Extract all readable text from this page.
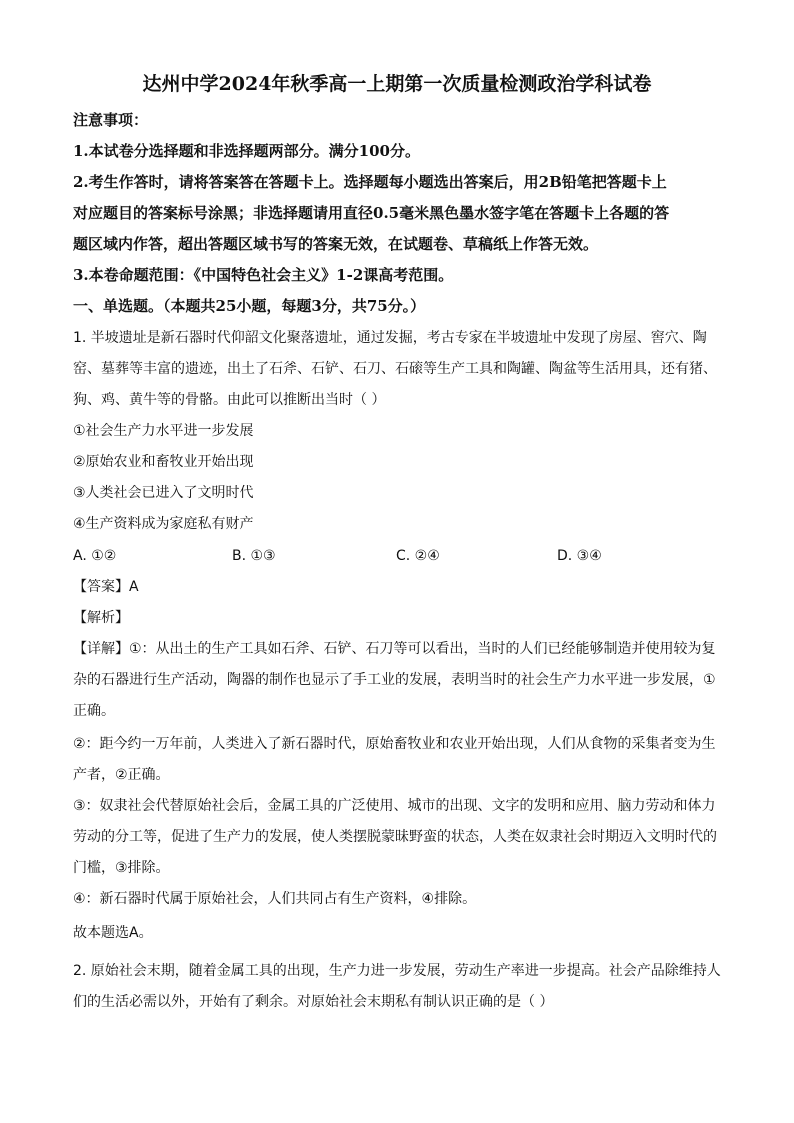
达州中学2024年秋季高一上期第一次质量检测政治学科试卷
注意事项：
1.本试卷分选择题和非选择题两部分。满分100分。
2.考生作答时，请将答案答在答题卡上。选择题每小题选出答案后，用2B铅笔把答题卡上
对应题目的答案标号涂黑；非选择题请用直径0.5毫米黑色墨水签字笔在答题卡上各题的答
题区域内作答，超出答题区域书写的答案无效，在试题卷、草稿纸上作答无效。
3.本卷命题范围：《中国特色社会主义》1-2课高考范围。
一、单选题。（本题共25小题，每题3分，共75分。）
1. 半坡遗址是新石器时代仰韶文化聚落遗址，通过发掘，考古专家在半坡遗址中发现了房屋、窖穴、陶
窑、墓葬等丰富的遗迹，出土了石斧、石铲、石刀、石磙等生产工具和陶罐、陶盆等生活用具，还有猪、
狗、鸡、黄牛等的骨骼。由此可以推断出当时（ ）
①社会生产力水平进一步发展
②原始农业和畜牧业开始出现
③人类社会已进入了文明时代
④生产资料成为家庭私有财产
A. ①②	B. ①③	C. ②④	D. ③④
【答案】A
【解析】
【详解】①：从出土的生产工具如石斧、石铲、石刀等可以看出，当时的人们已经能够制造并使用较为复
杂的石器进行生产活动，陶器的制作也显示了手工业的发展，表明当时的社会生产力水平进一步发展，①
正确。
②：距今约一万年前，人类进入了新石器时代，原始畜牧业和农业开始出现，人们从食物的采集者变为生
产者，②正确。
③：奴隶社会代替原始社会后，金属工具的广泛使用、城市的出现、文字的发明和应用、脑力劳动和体力
劳动的分工等，促进了生产力的发展，使人类摆脱蒙昧野蛮的状态，人类在奴隶社会时期迈入文明时代的
门槛，③排除。
④：新石器时代属于原始社会，人们共同占有生产资料，④排除。
故本题选A。
2. 原始社会末期，随着金属工具的出现，生产力进一步发展，劳动生产率进一步提高。社会产品除维持人
们的生活必需以外，开始有了剩余。对原始社会末期私有制认识正确的是（ ）
